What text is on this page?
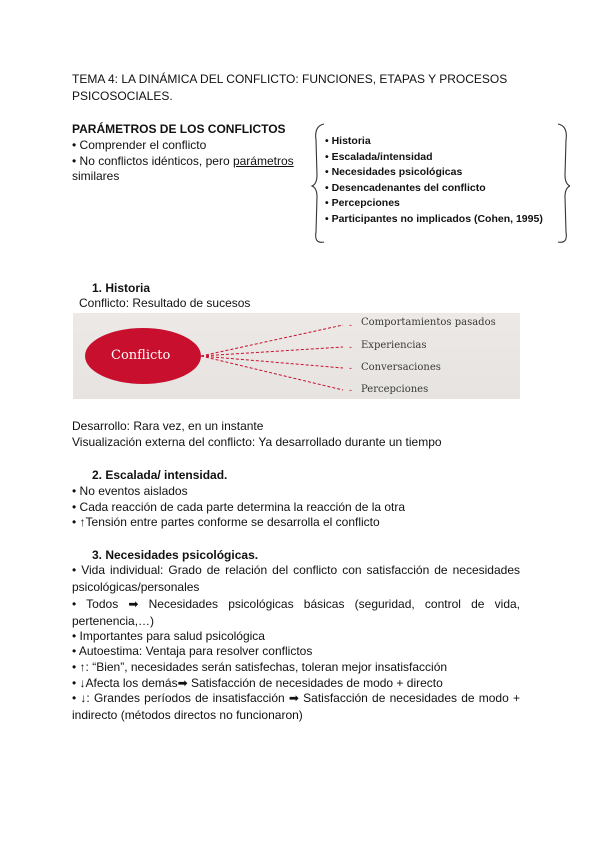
TEMA 4: LA DINÁMICA DEL CONFLICTO: FUNCIONES, ETAPAS Y PROCESOS
PSICOSOCIALES.
PARÁMETROS DE LOS CONFLICTOS
• Comprender el conflicto
• No conflictos idénticos, pero parámetros
similares
• Historia
• Escalada/intensidad
• Necesidades psicológicas
• Desencadenantes del conflicto
• Percepciones
• Participantes no implicados (Cohen, 1995)
1. Historia
Conflicto: Resultado de sucesos
-
-
-
-
Conflicto
Comportamientos pasados
Experiencias
Conversaciones
Percepciones
Desarrollo: Rara vez, en un instante
Visualización externa del conflicto: Ya desarrollado durante un tiempo
2. Escalada/ intensidad.
• No eventos aislados
• Cada reacción de cada parte determina la reacción de la otra
• ↑Tensión entre partes conforme se desarrolla el conflicto
3. Necesidades psicológicas.
• Vida individual: Grado de relación del conflicto con satisfacción de necesidades psicológicas/personales
• Todos ➡ Necesidades psicológicas básicas (seguridad, control de vida, pertenencia,…)
• Importantes para salud psicológica
• Autoestima: Ventaja para resolver conflictos
• ↑: “Bien”, necesidades serán satisfechas, toleran mejor insatisfacción
• ↓Afecta los demás➡ Satisfacción de necesidades de modo + directo
• ↓: Grandes períodos de insatisfacción ➡ Satisfacción de necesidades de modo + indirecto (métodos directos no funcionaron)
